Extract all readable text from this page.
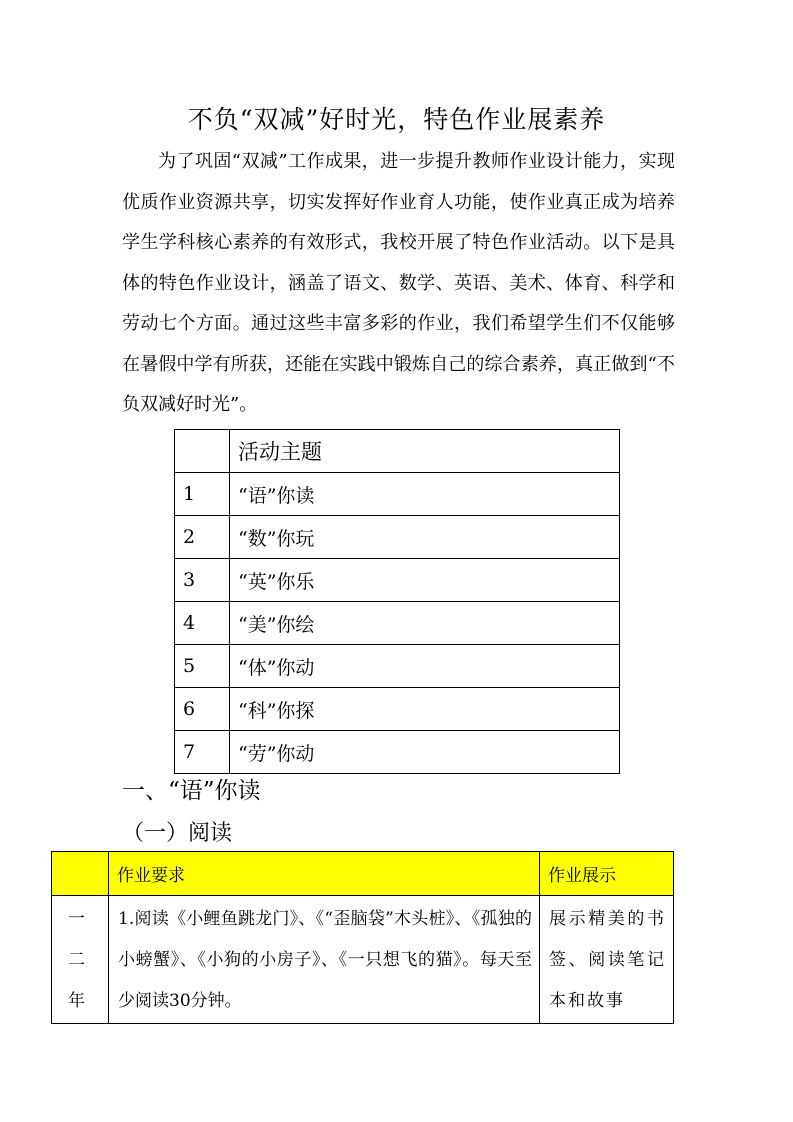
不负“双减”好时光，特色作业展素养
为了巩固“双减”工作成果，进一步提升教师作业设计能力，实现优质作业资源共享，切实发挥好作业育人功能，使作业真正成为培养学生学科核心素养的有效形式，我校开展了特色作业活动。以下是具体的特色作业设计，涵盖了语文、数学、英语、美术、体育、科学和劳动七个方面。通过这些丰富多彩的作业，我们希望学生们不仅能够在暑假中学有所获，还能在实践中锻炼自己的综合素养，真正做到“不负双减好时光”。
	活动主题
1	“语”你读
2	“数”你玩
3	“英”你乐
4	“美”你绘
5	“体”你动
6	“科”你探
7	“劳”你动
一、“语”你读
（一）阅读
	作业要求	作业展示

一
二
年	1.阅读《小鲤鱼跳龙门》、《“歪脑袋”木头桩》、《孤独的小螃蟹》、《小狗的小房子》、《一只想飞的猫》。每天至少阅读30分钟。	展示精美的书签、阅读笔记本和故事
